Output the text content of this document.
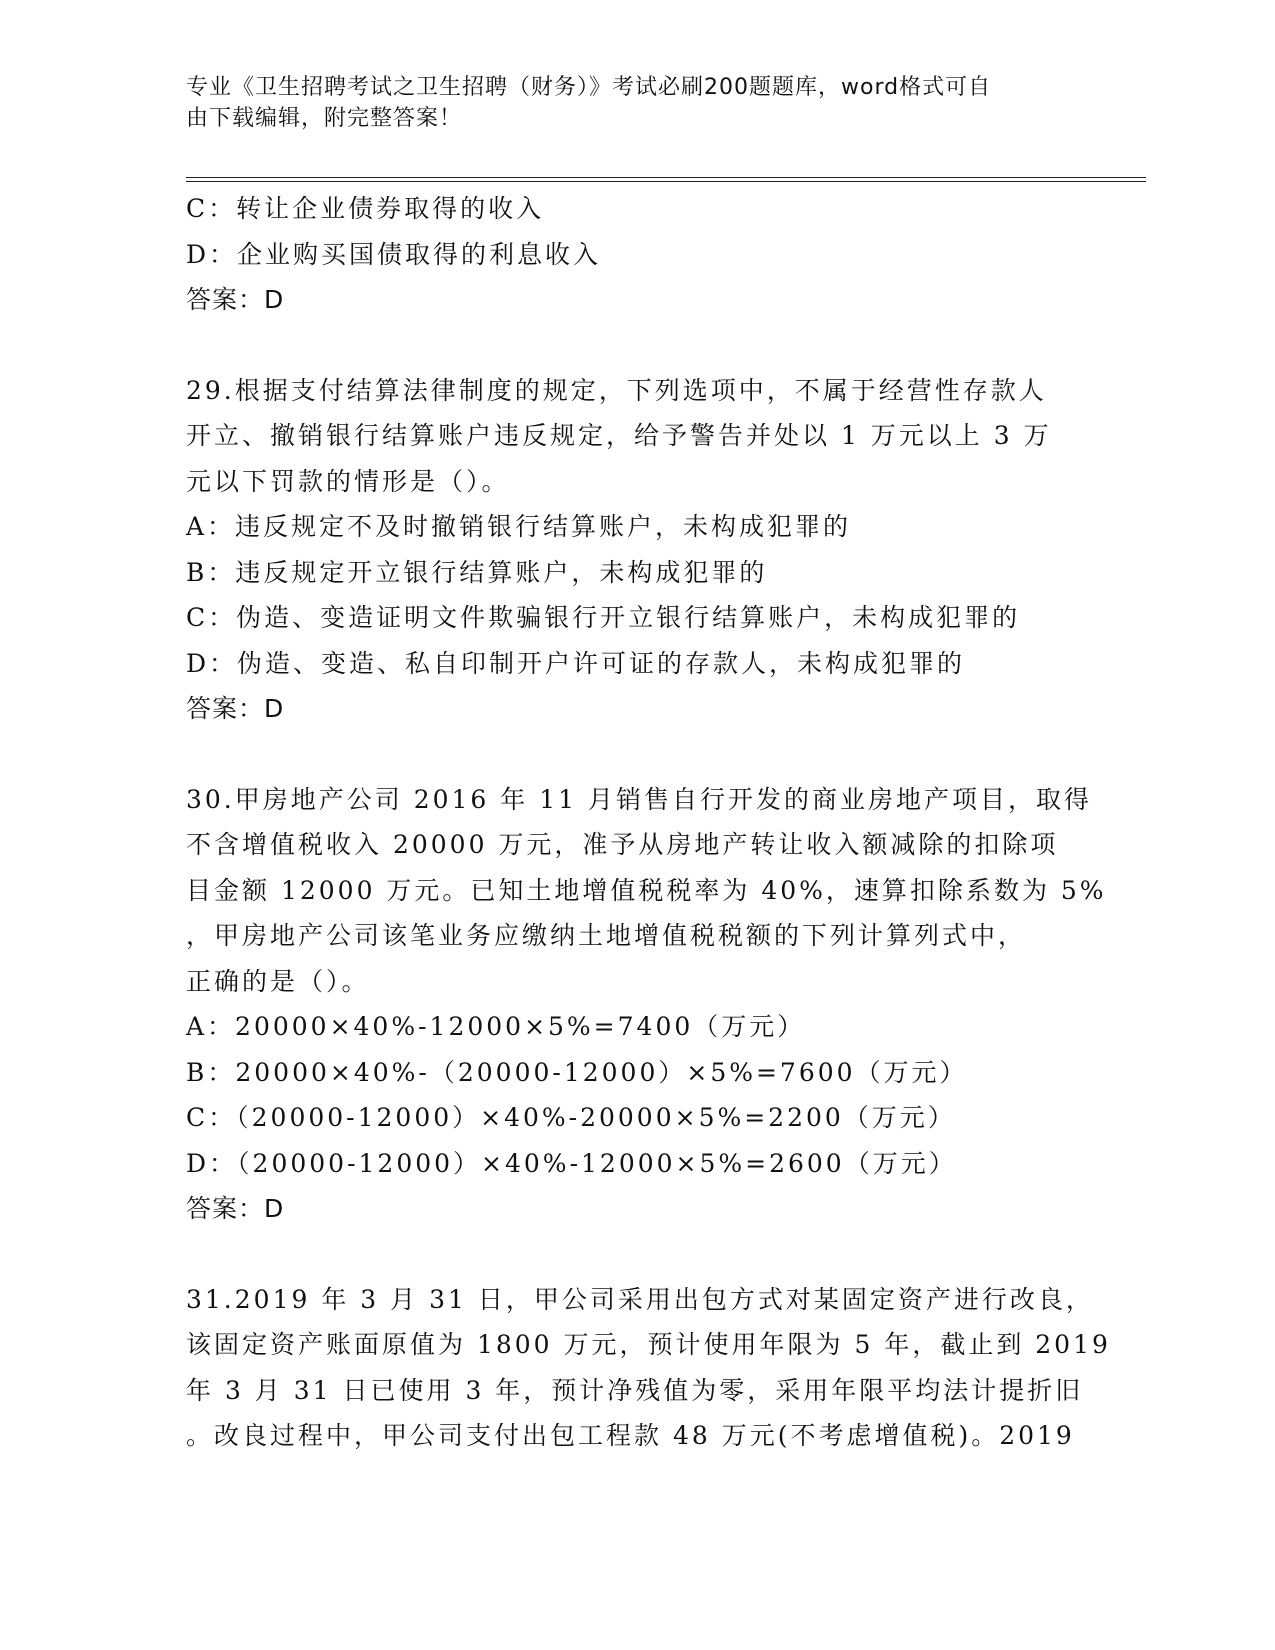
专业《卫生招聘考试之卫生招聘（财务）》考试必刷200题题库，word格式可自
由下载编辑，附完整答案！
C：转让企业债券取得的收入
D：企业购买国债取得的利息收入
答案：D
29.根据支付结算法律制度的规定，下列选项中，不属于经营性存款人
开立、撤销银行结算账户违反规定，给予警告并处以 1 万元以上 3 万
元以下罚款的情形是（）。
A：违反规定不及时撤销银行结算账户，未构成犯罪的
B：违反规定开立银行结算账户，未构成犯罪的
C：伪造、变造证明文件欺骗银行开立银行结算账户，未构成犯罪的
D：伪造、变造、私自印制开户许可证的存款人，未构成犯罪的
答案：D
30.甲房地产公司 2016 年 11 月销售自行开发的商业房地产项目，取得
不含增值税收入 20000 万元，准予从房地产转让收入额减除的扣除项
目金额 12000 万元。已知土地增值税税率为 40%，速算扣除系数为 5%
，甲房地产公司该笔业务应缴纳土地增值税税额的下列计算列式中，
正确的是（）。
A：20000×40%-12000×5%=7400（万元）
B：20000×40%-（20000-12000）×5%=7600（万元）
C：（20000-12000）×40%-20000×5%=2200（万元）
D：（20000-12000）×40%-12000×5%=2600（万元）
答案：D
31.2019 年 3 月 31 日，甲公司采用出包方式对某固定资产进行改良，
该固定资产账面原值为 1800 万元，预计使用年限为 5 年，截止到 2019
年 3 月 31 日已使用 3 年，预计净残值为零，采用年限平均法计提折旧
。改良过程中，甲公司支付出包工程款 48 万元(不考虑增值税)。2019
